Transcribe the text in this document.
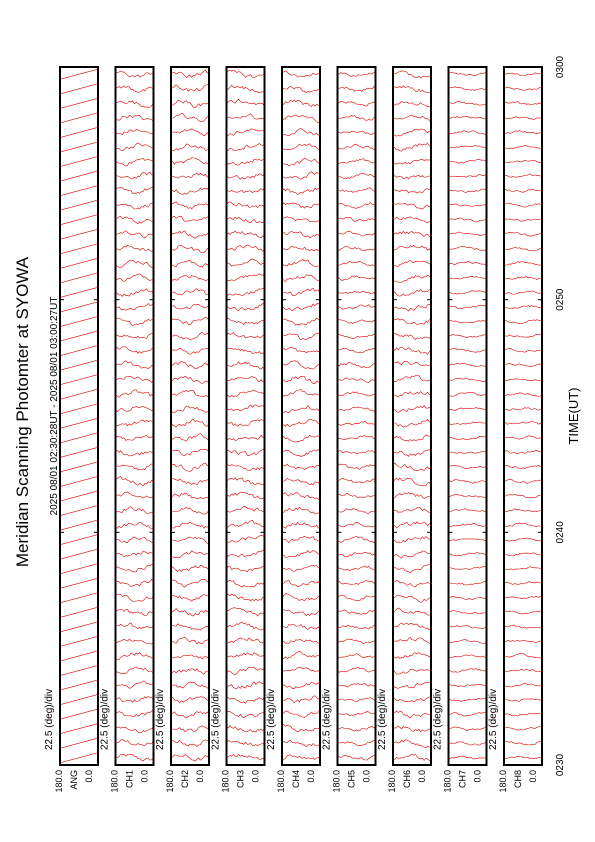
180.0 ANG 0.0
22.5 (deg)/div
180.0 CH1 0.0
22.5 (deg)/div
180.0 CH2 0.0
22.5 (deg)/div
180.0 CH3 0.0
22.5 (deg)/div
180.0 CH4 0.0
22.5 (deg)/div
180.0 CH5 0.0
22.5 (deg)/div
180.0 CH6 0.0
22.5 (deg)/div
180.0 CH7 0.0
22.5 (deg)/div
180.0 CH8 0.0
22.5 (deg)/div
0230
0240
0250
0300
Meridian Scanning Photomter at SYOWA 2025 08/01 02:30:28UT - 2025 08/01 03:00:27UT	TIME(UT)
